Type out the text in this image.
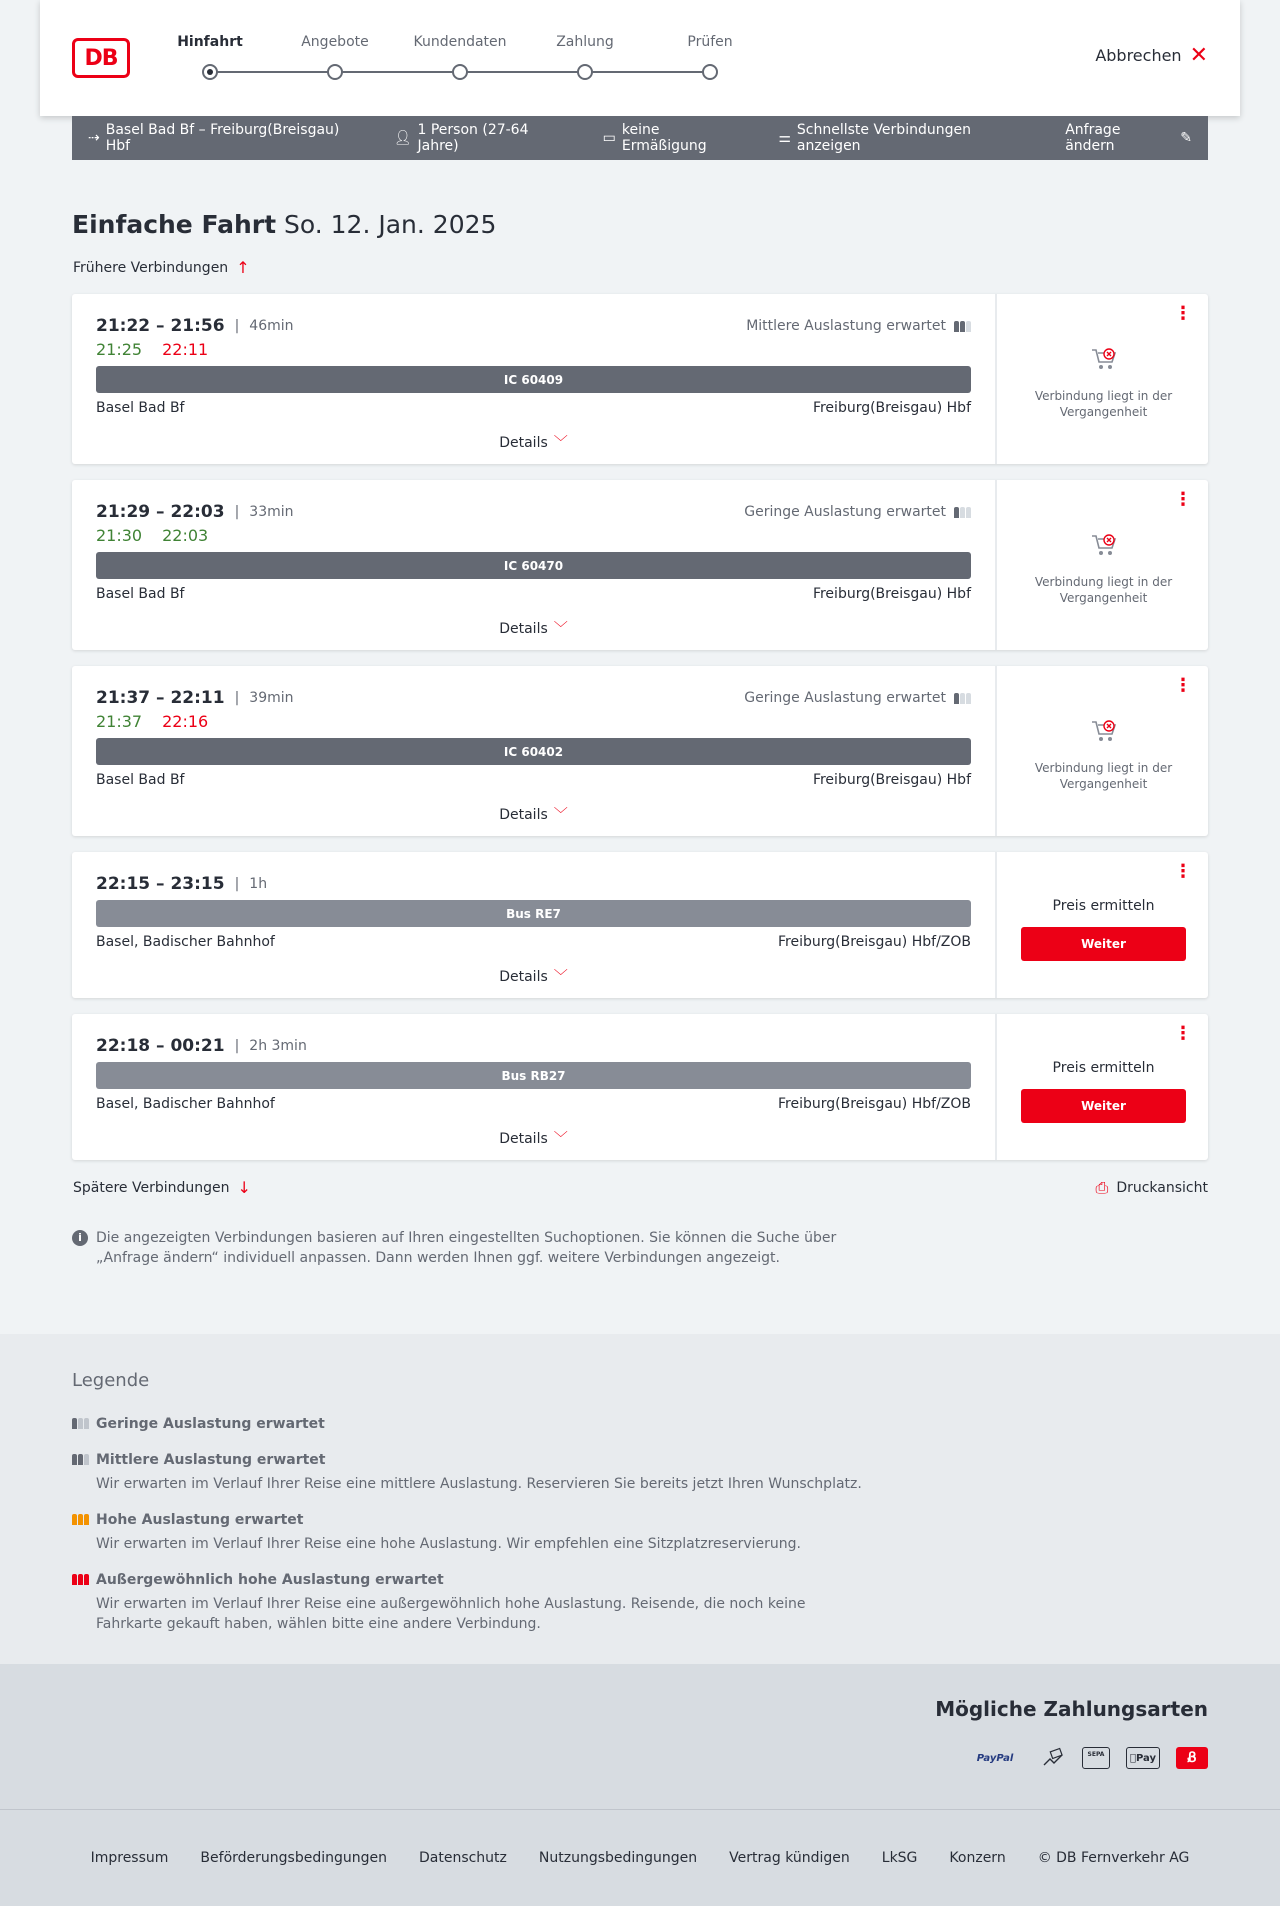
DB
Hinfahrt	Angebote	Kundendaten	Zahlung	Prüfen
Abbrechen ✕
⇢ Basel Bad Bf – Freiburg(Breisgau) Hbf	👤︎ 1 Person (27-64 Jahre)	▭ keine Ermäßigung	⚌ Schnellste Verbindungen anzeigen
Anfrage ändern	✎
Einfache Fahrt So. 12. Jan. 2025
Frühere Verbindungen ↑
21:22 – 21:56 | 46min
21:25 22:11
Mittlere Auslastung erwartet
IC 60409
Basel Bad Bf	Freiburg(Breisgau) Hbf
Details ﹀
⋮
Verbindung liegt in der Vergangenheit
21:29 – 22:03 | 33min
21:30 22:03
Geringe Auslastung erwartet
IC 60470
Basel Bad Bf	Freiburg(Breisgau) Hbf
Details ﹀
⋮
Verbindung liegt in der Vergangenheit
21:37 – 22:11 | 39min
21:37 22:16
Geringe Auslastung erwartet
IC 60402
Basel Bad Bf	Freiburg(Breisgau) Hbf
Details ﹀
⋮
Verbindung liegt in der Vergangenheit
22:15 – 23:15 | 1h
Bus RE7
Basel, Badischer Bahnhof	Freiburg(Breisgau) Hbf/ZOB
Details ﹀
⋮
Preis ermitteln
Weiter
22:18 – 00:21 | 2h 3min
Bus RB27
Basel, Badischer Bahnhof	Freiburg(Breisgau) Hbf/ZOB
Details ﹀
⋮
Preis ermitteln
Weiter
Spätere Verbindungen ↓	⎙ Druckansicht
i	Die angezeigten Verbindungen basieren auf Ihren eingestellten Suchoptionen. Sie können die Suche über „Anfrage ändern“ individuell anpassen. Dann werden Ihnen ggf. weitere Verbindungen angezeigt.
Legende
Geringe Auslastung erwartet
Mittlere Auslastung erwartet
Wir erwarten im Verlauf Ihrer Reise eine mittlere Auslastung. Reservieren Sie bereits jetzt Ihren Wunschplatz.
Hohe Auslastung erwartet
Wir erwarten im Verlauf Ihrer Reise eine hohe Auslastung. Wir empfehlen eine Sitzplatzreservierung.
Außergewöhnlich hohe Auslastung erwartet
Wir erwarten im Verlauf Ihrer Reise eine außergewöhnlich hohe Auslastung. Reisende, die noch keine Fahrkarte gekauft haben, wählen bitte eine andere Verbindung.
Mögliche Zahlungsarten
PayPal	SEPA	Pay	Ᏸ
Impressum Beförderungsbedingungen Datenschutz Nutzungsbedingungen Vertrag kündigen LkSG Konzern © DB Fernverkehr AG
